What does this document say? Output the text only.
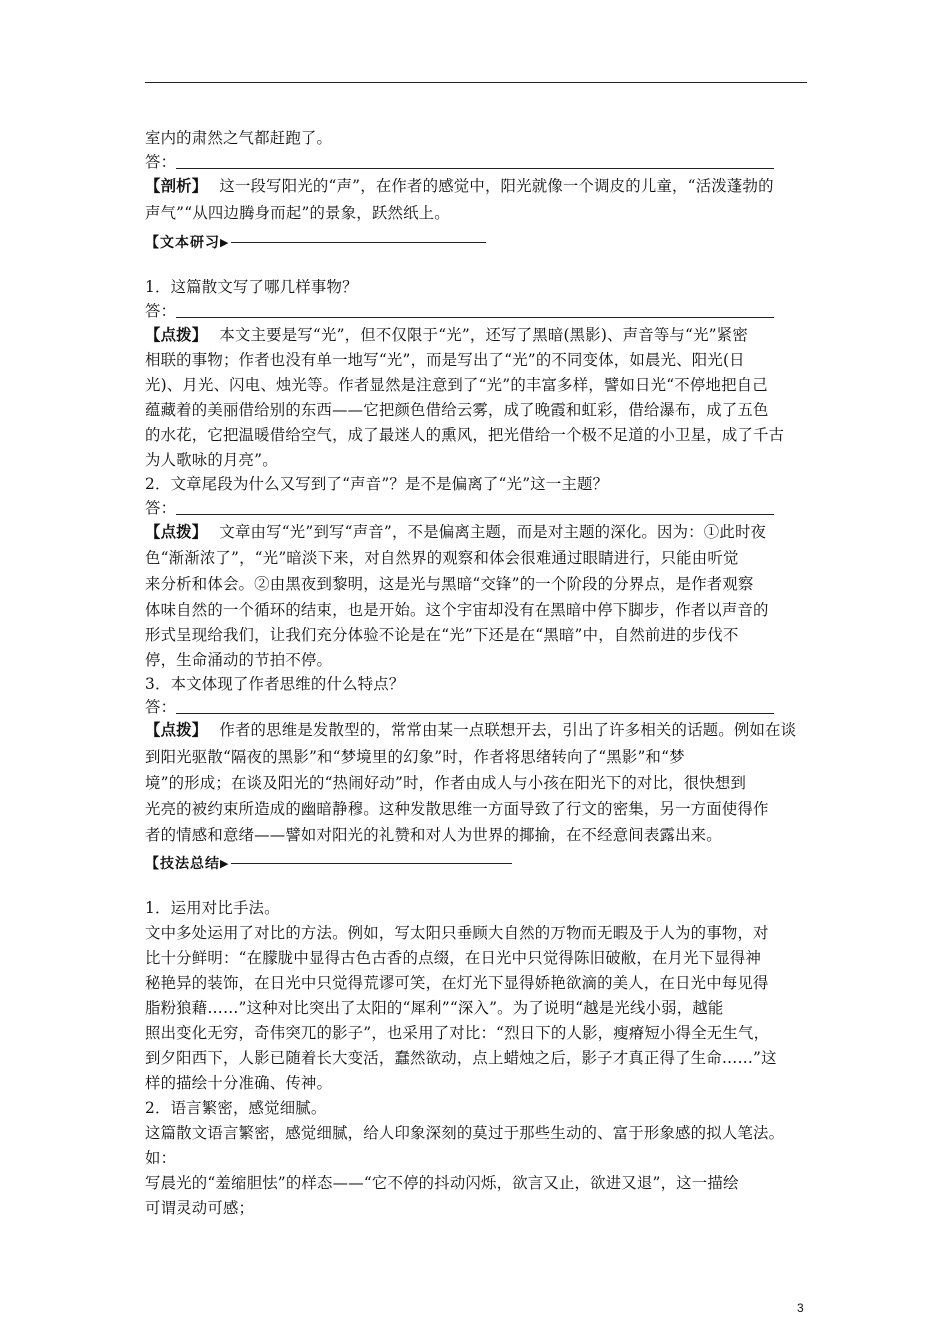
室内的肃然之气都赶跑了。
答：
【剖析】 这一段写阳光的“声”，在作者的感觉中，阳光就像一个调皮的儿童，“活泼蓬勃的
声气”“从四边腾身而起”的景象，跃然纸上。
【文本研习▶
1．这篇散文写了哪几样事物？
答：
【点拨】 本文主要是写“光”，但不仅限于“光”，还写了黑暗(黑影)、声音等与“光”紧密
相联的事物；作者也没有单一地写“光”，而是写出了“光”的不同变体，如晨光、阳光(日
光)、月光、闪电、烛光等。作者显然是注意到了“光”的丰富多样，譬如日光“不停地把自己
蕴藏着的美丽借给别的东西——它把颜色借给云雾，成了晚霞和虹彩，借给瀑布，成了五色
的水花，它把温暖借给空气，成了最迷人的熏风，把光借给一个极不足道的小卫星，成了千古
为人歌咏的月亮”。
2．文章尾段为什么又写到了“声音”？是不是偏离了“光”这一主题？
答：
【点拨】 文章由写“光”到写“声音”，不是偏离主题，而是对主题的深化。因为：①此时夜
色“渐渐浓了”，“光”暗淡下来，对自然界的观察和体会很难通过眼睛进行，只能由听觉
来分析和体会。②由黑夜到黎明，这是光与黑暗“交锋”的一个阶段的分界点，是作者观察
体味自然的一个循环的结束，也是开始。这个宇宙却没有在黑暗中停下脚步，作者以声音的
形式呈现给我们，让我们充分体验不论是在“光”下还是在“黑暗”中，自然前进的步伐不
停，生命涌动的节拍不停。
3．本文体现了作者思维的什么特点？
答：
【点拨】 作者的思维是发散型的，常常由某一点联想开去，引出了许多相关的话题。例如在谈
到阳光驱散“隔夜的黑影”和“梦境里的幻象”时，作者将思绪转向了“黑影”和“梦
境”的形成；在谈及阳光的“热闹好动”时，作者由成人与小孩在阳光下的对比，很快想到
光亮的被约束所造成的幽暗静穆。这种发散思维一方面导致了行文的密集，另一方面使得作
者的情感和意绪——譬如对阳光的礼赞和对人为世界的揶揄，在不经意间表露出来。
【技法总结▶
1．运用对比手法。
文中多处运用了对比的方法。例如，写太阳只垂顾大自然的万物而无暇及于人为的事物，对
比十分鲜明：“在朦胧中显得古色古香的点缀，在日光中只觉得陈旧破敝，在月光下显得神
秘艳异的装饰，在日光中只觉得荒谬可笑，在灯光下显得娇艳欲滴的美人，在日光中每见得
脂粉狼藉……”这种对比突出了太阳的“犀利”“深入”。为了说明“越是光线小弱，越能
照出变化无穷，奇伟突兀的影子”，也采用了对比：“烈日下的人影，瘦瘠短小得全无生气，
到夕阳西下，人影已随着长大变活，蠢然欲动，点上蜡烛之后，影子才真正得了生命……”这
样的描绘十分准确、传神。
2．语言繁密，感觉细腻。
这篇散文语言繁密，感觉细腻，给人印象深刻的莫过于那些生动的、富于形象感的拟人笔法。
如：
写晨光的“羞缩胆怯”的样态——“它不停的抖动闪烁，欲言又止，欲进又退”，这一描绘
可谓灵动可感；
3
